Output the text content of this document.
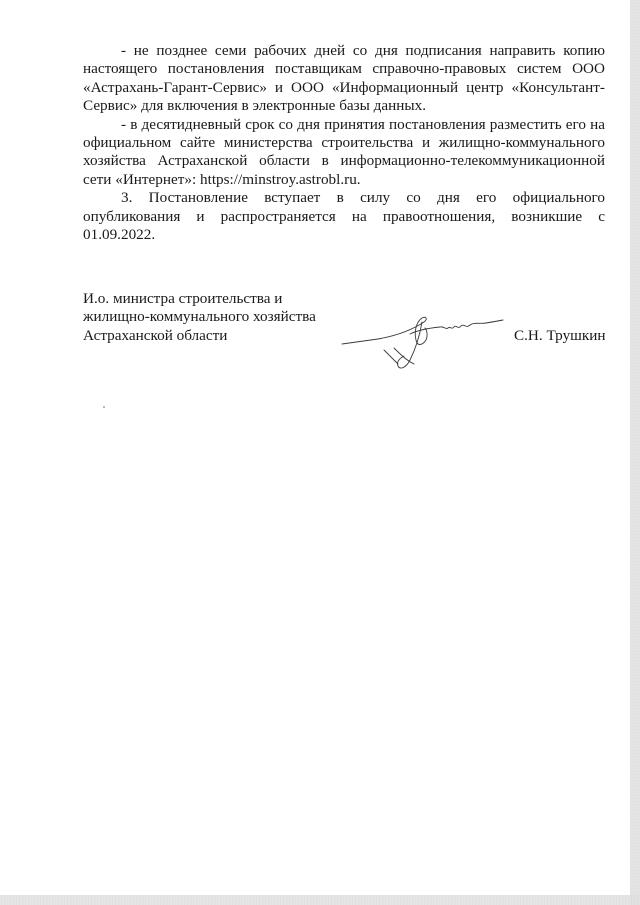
- не позднее семи рабочих дней со дня подписания направить копию настоящего постановления поставщикам справочно-правовых систем ООО «Астрахань-Гарант-Сервис» и ООО «Информационный центр «Консультант-Сервис» для включения в электронные базы данных.

- в десятидневный срок со дня принятия постановления разместить его на официальном сайте министерства строительства и жилищно-коммунального хозяйства Астраханской области в информационно-телекоммуникационной сети «Интернет»: https://minstroy.astrobl.ru.

3. Постановление вступает в силу со дня его официального опубликования и распространяется на правоотношения, возникшие с 01.09.2022.

И.о. министра строительства и
жилищно-коммунального хозяйства
Астраханской области	С.Н. Трушкин
